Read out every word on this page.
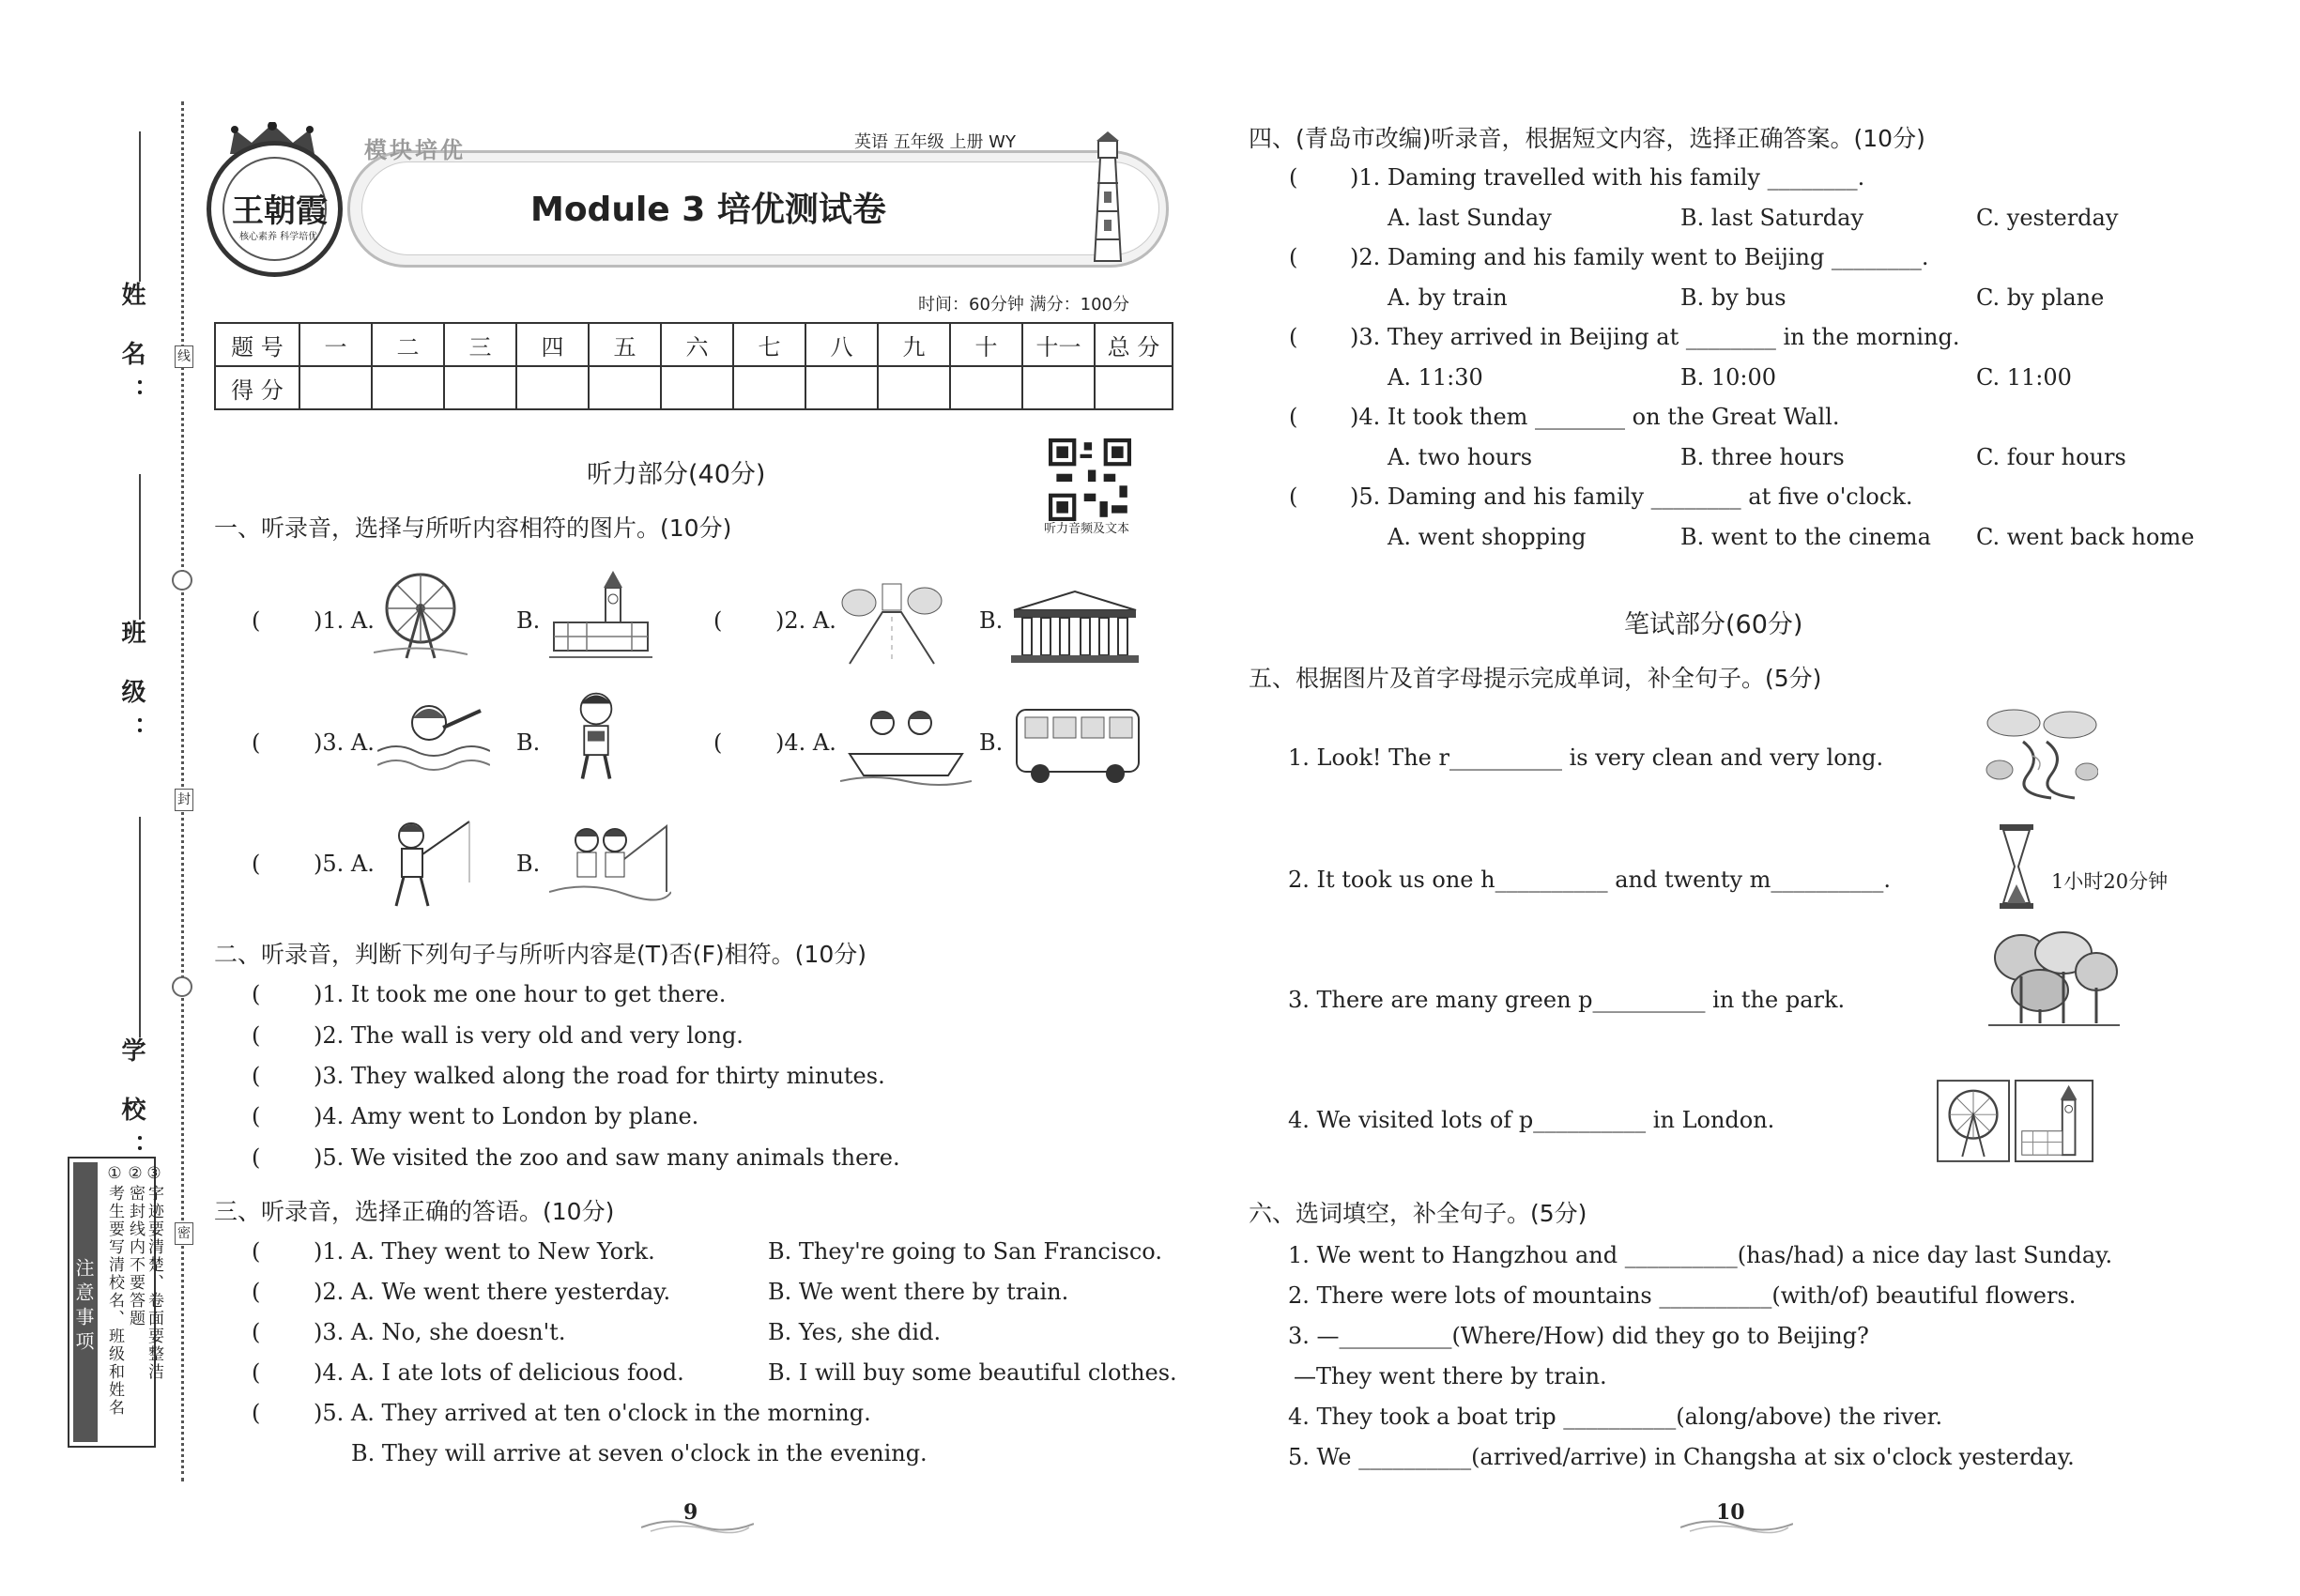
姓 名：
班 级：
学 校：
线
封
密
注意事项 ①考生要写清校名、班级和姓名 ②密封线内不要答题 ③字迹要清楚、卷面要整洁
王朝霞
核心素养 科学培优
模块培优	英语 五年级 上册 WY
Module 3 培优测试卷
时间：60分钟 满分：100分
题 号	一	二	三	四	五	六	七	八	九	十	十一	总 分
得 分												
听力部分(40分)
听力音频及文本
一、听录音，选择与所听内容相符的图片。(10分)
( )1. A.	B.	( )2. A.	B.
( )3. A.	B.	( )4. A.	B.
( )5. A.	B.
二、听录音，判断下列句子与所听内容是(T)否(F)相符。(10分)
( )1. It took me one hour to get there.
( )2. The wall is very old and very long.
( )3. They walked along the road for thirty minutes.
( )4. Amy went to London by plane.
( )5. We visited the zoo and saw many animals there.
三、听录音，选择正确的答语。(10分)
( )1. A. They went to New York.	B. They're going to San Francisco.
( )2. A. We went there yesterday.	B. We went there by train.
( )3. A. No, she doesn't.	B. Yes, she did.
( )4. A. I ate lots of delicious food.	B. I will buy some beautiful clothes.
( )5. A. They arrived at ten o'clock in the morning.
B. They will arrive at seven o'clock in the evening.
9
四、(青岛市改编)听录音，根据短文内容，选择正确答案。(10分)
( )1. Daming travelled with his family ________.
A. last Sunday	B. last Saturday	C. yesterday
( )2. Daming and his family went to Beijing ________.
A. by train	B. by bus	C. by plane
( )3. They arrived in Beijing at ________ in the morning.
A. 11:30	B. 10:00	C. 11:00
( )4. It took them ________ on the Great Wall.
A. two hours	B. three hours	C. four hours
( )5. Daming and his family ________ at five o'clock.
A. went shopping	B. went to the cinema C. went back home
笔试部分(60分)
五、根据图片及首字母提示完成单词，补全句子。(5分)
1. Look! The r__________ is very clean and very long.
2. It took us one h__________ and twenty m__________.	1小时20分钟
3. There are many green p__________ in the park.
4. We visited lots of p__________ in London.
六、选词填空，补全句子。(5分)
1. We went to Hangzhou and __________(has/had) a nice day last Sunday.
2. There were lots of mountains __________(with/of) beautiful flowers.
3. —__________(Where/How) did they go to Beijing?
—They went there by train.
4. They took a boat trip __________(along/above) the river.
5. We __________(arrived/arrive) in Changsha at six o'clock yesterday.
10
